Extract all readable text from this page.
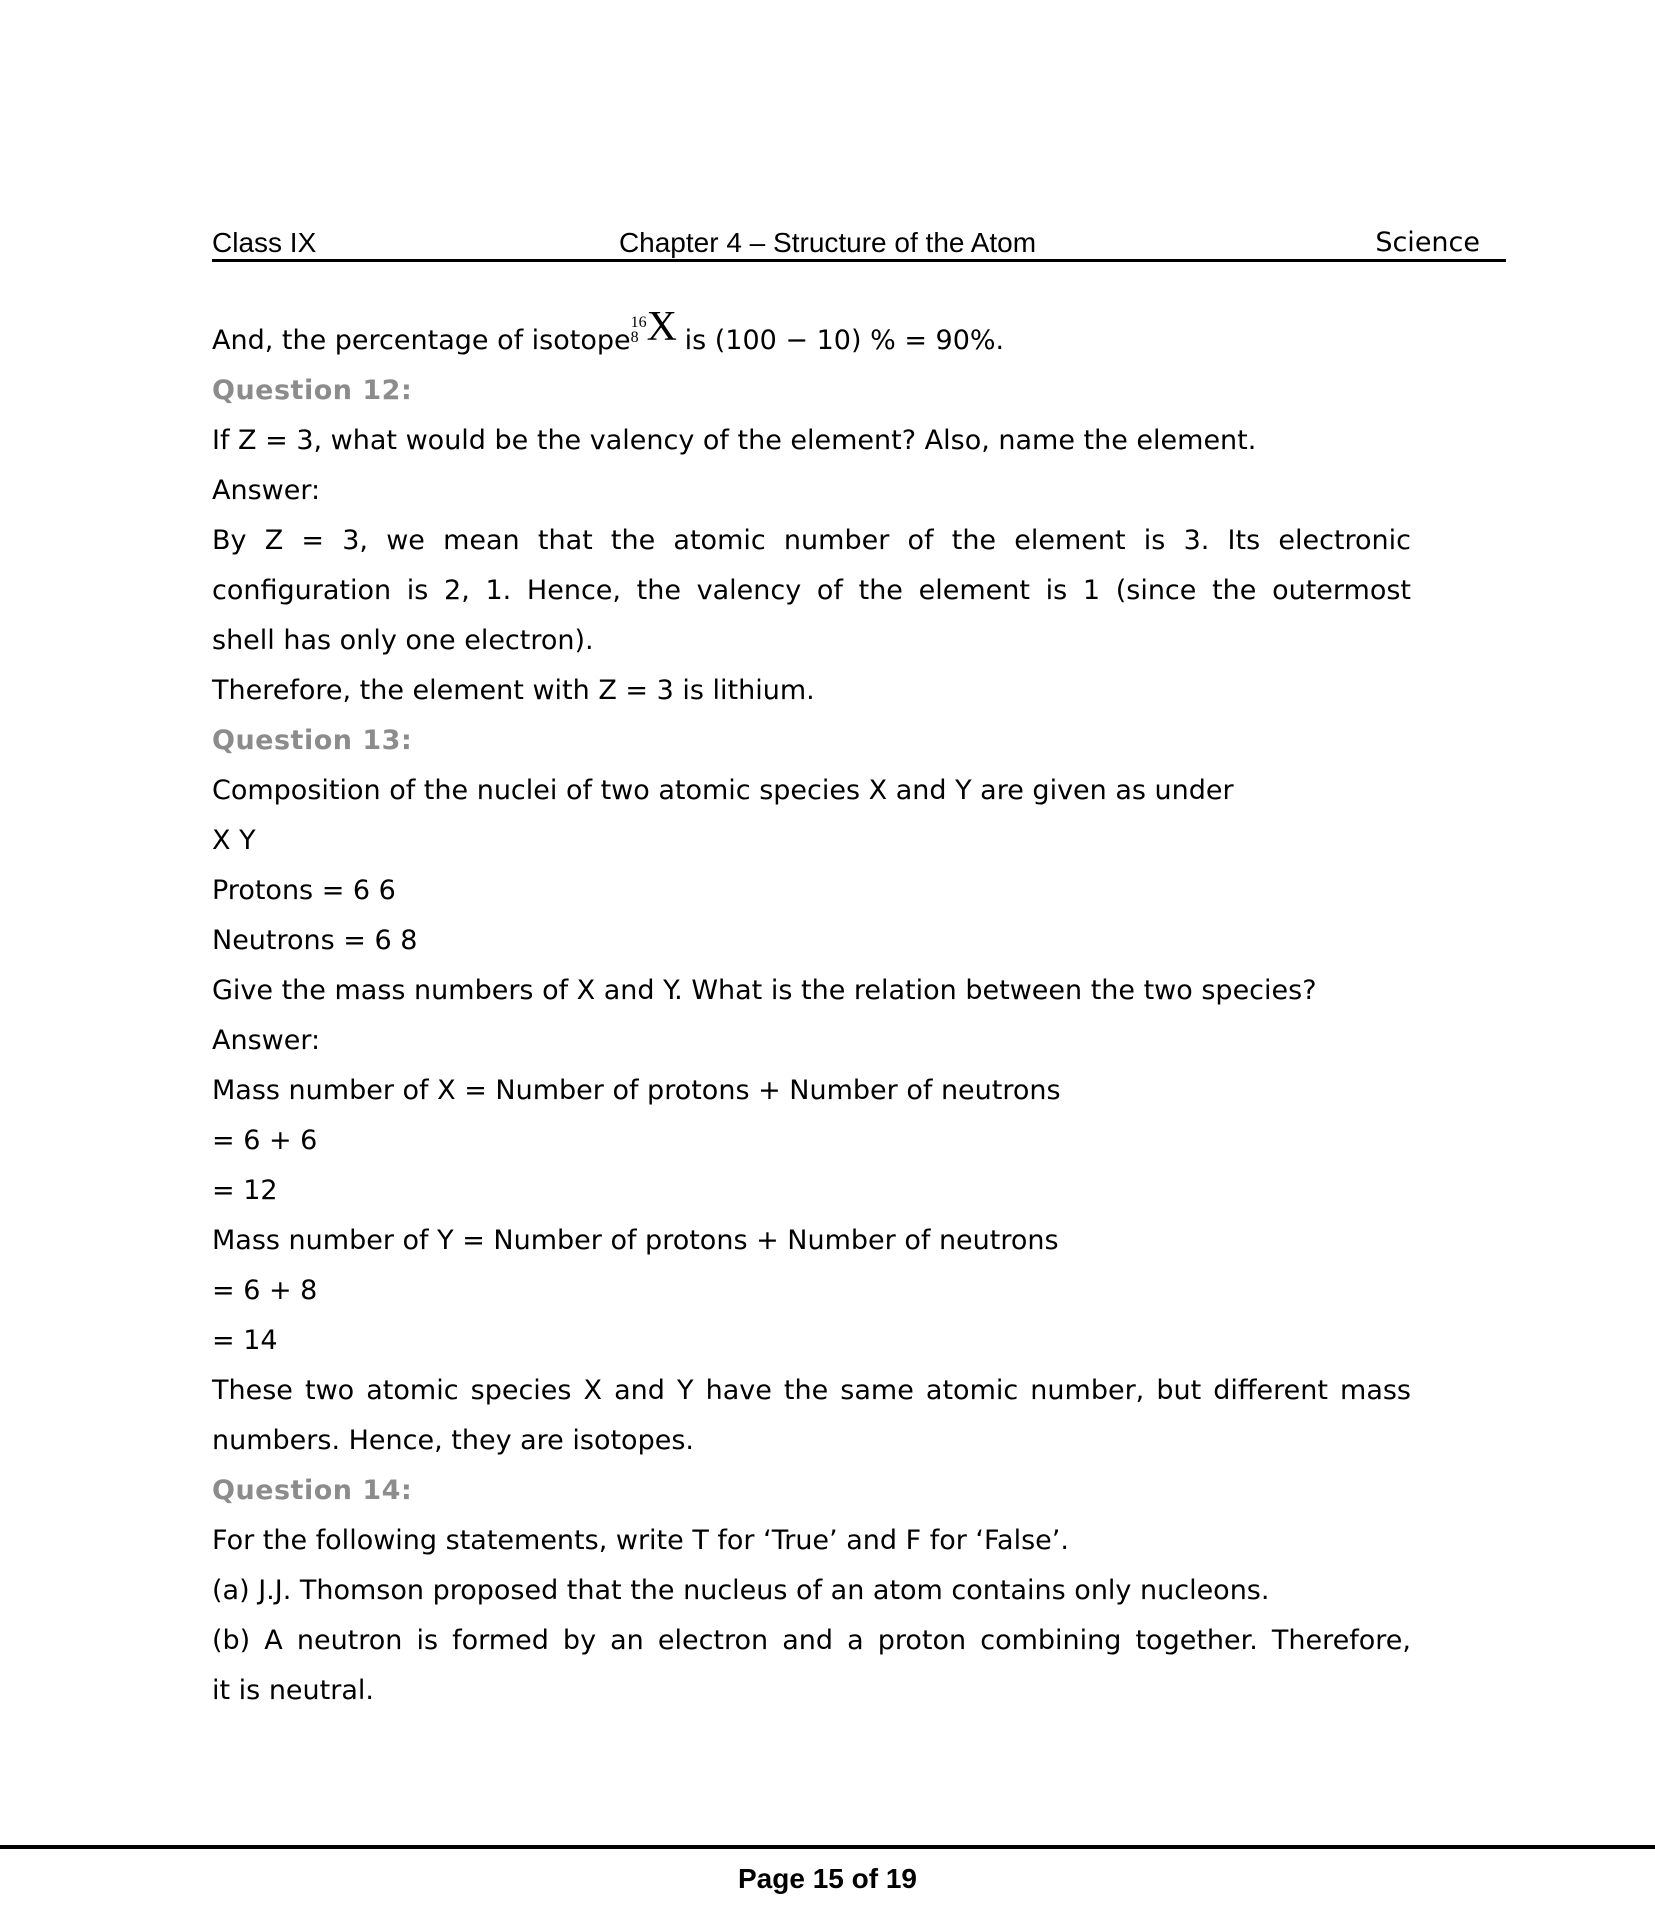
Class IX	Chapter 4 – Structure of the Atom	Science
And, the percentage of isotope
16
8 X is (100 − 10) % = 90%.
Question 12:
If Z = 3, what would be the valency of the element? Also, name the element.
Answer:
By Z = 3, we mean that the atomic number of the element is 3. Its electronic
configuration is 2, 1. Hence, the valency of the element is 1 (since the outermost
shell has only one electron).
Therefore, the element with Z = 3 is lithium.
Question 13:
Composition of the nuclei of two atomic species X and Y are given as under
X Y
Protons = 6 6
Neutrons = 6 8
Give the mass numbers of X and Y. What is the relation between the two species?
Answer:
Mass number of X = Number of protons + Number of neutrons
= 6 + 6
= 12
Mass number of Y = Number of protons + Number of neutrons
= 6 + 8
= 14
These two atomic species X and Y have the same atomic number, but different mass
numbers. Hence, they are isotopes.
Question 14:
For the following statements, write T for ‘True’ and F for ‘False’.
(a) J.J. Thomson proposed that the nucleus of an atom contains only nucleons.
(b) A neutron is formed by an electron and a proton combining together. Therefore,
it is neutral.
Page 15 of 19
